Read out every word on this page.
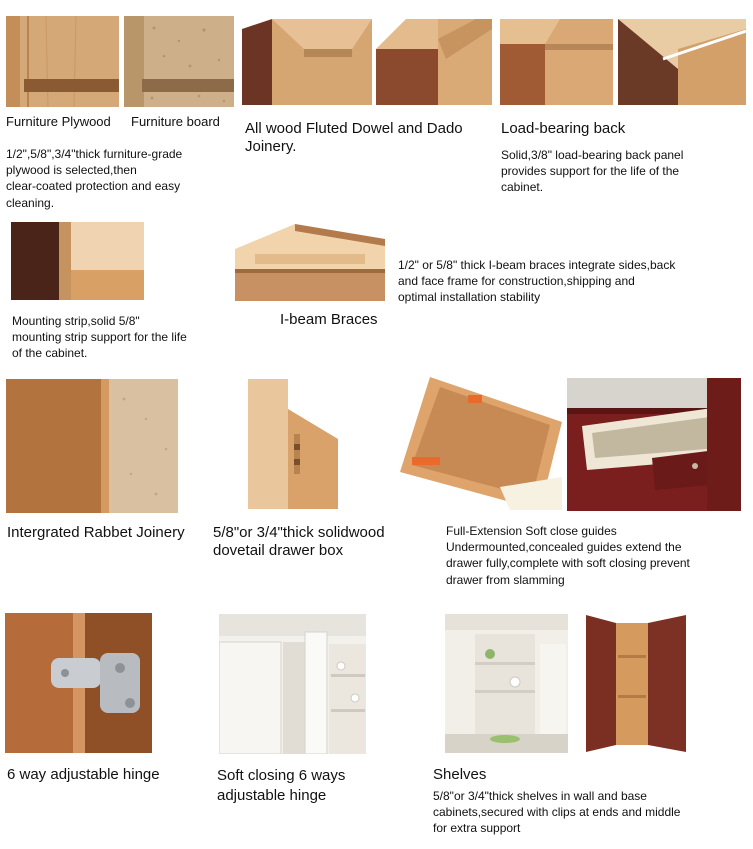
Furniture Plywood Furniture board
1/2",5/8",3/4"thick furniture-grade
plywood is selected,then
clear-coated protection and easy
cleaning.
All wood Fluted Dowel and Dado
Joinery.
Load-bearing back
Solid,3/8" load-bearing back panel
provides support for the life of the
cabinet.
1/2" or 5/8" thick I-beam braces integrate sides,back
and face frame for construction,shipping and
optimal installation stability
Mounting strip,solid 5/8"
mounting strip support for the life
of the cabinet.
I-beam Braces
Intergrated Rabbet Joinery 5/8"or 3/4"thick solidwood
dovetail drawer box
Full-Extension Soft close guides
Undermounted,concealed guides extend the
drawer fully,complete with soft closing prevent
drawer from slamming
6 way adjustable hinge	Soft closing 6 ways
adjustable hinge
Shelves
5/8"or 3/4"thick shelves in wall and base
cabinets,secured with clips at ends and middle
for extra support
